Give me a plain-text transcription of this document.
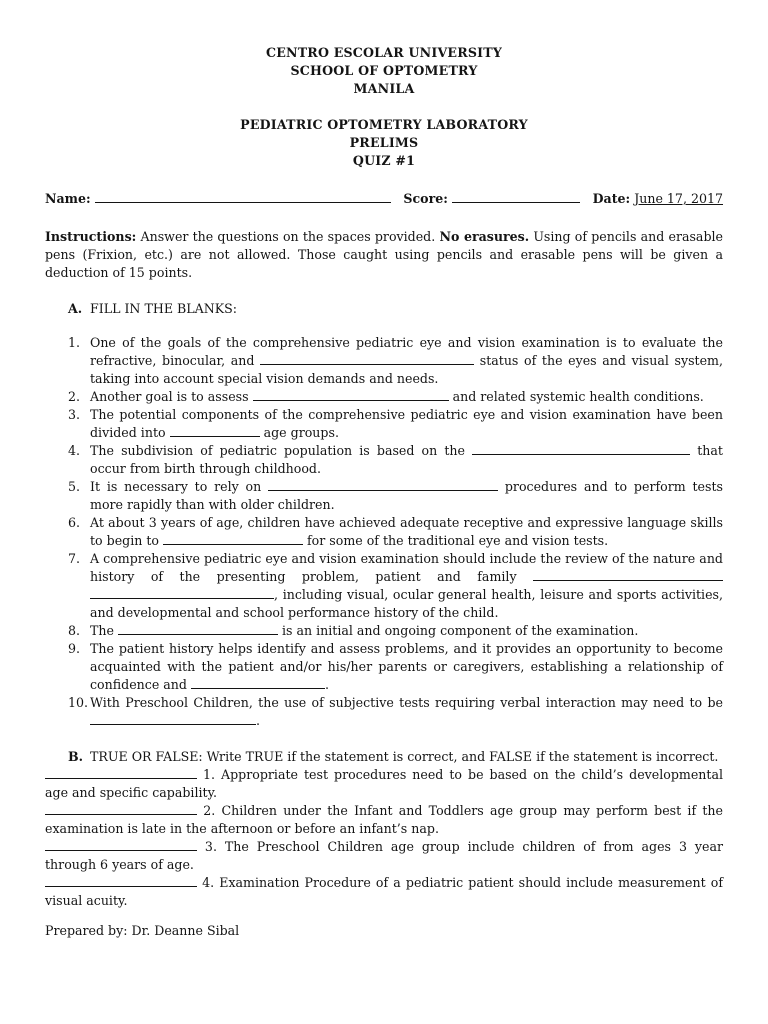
CENTRO ESCOLAR UNIVERSITY
SCHOOL OF OPTOMETRY
MANILA
PEDIATRIC OPTOMETRY LABORATORY
PRELIMS
QUIZ #1
Name:	Score:	Date: June 17, 2017
Instructions: Answer the questions on the spaces provided. No erasures. Using of pencils and erasable pens (Frixion, etc.) are not allowed. Those caught using pencils and erasable pens will be given a deduction of 15 points.
A. FILL IN THE BLANKS:
1. One of the goals of the comprehensive pediatric eye and vision examination is to evaluate the refractive, binocular, and	status of the eyes and visual system, taking into account special vision demands and needs.
2. Another goal is to assess	and related systemic health conditions.
3. The potential components of the comprehensive pediatric eye and vision examination have been divided into	age groups.
4. The subdivision of pediatric population is based on the	that occur from birth through childhood.
5. It is necessary to rely on	procedures and to perform tests more rapidly than with older children.
6. At about 3 years of age, children have achieved adequate receptive and expressive language skills to begin to	for some of the traditional eye and vision tests.
7. A comprehensive pediatric eye and vision examination should include the review of the nature and history of the presenting problem, patient and family  , including visual, ocular general health, leisure and sports activities, and developmental and school performance history of the child.
8. The	is an initial and ongoing component of the examination.
9. The patient history helps identify and assess problems, and it provides an opportunity to become acquainted with the patient and/or his/her parents or caregivers, establishing a relationship of confidence and	.
10. With Preschool Children, the use of subjective tests requiring verbal interaction may need to be .
B. TRUE OR FALSE: Write TRUE if the statement is correct, and FALSE if the statement is incorrect.
1. Appropriate test procedures need to be based on the child’s developmental age and specific capability.
2. Children under the Infant and Toddlers age group may perform best if the examination is late in the afternoon or before an infant’s nap.
3. The Preschool Children age group include children of from ages 3 year through 6 years of age.
4. Examination Procedure of a pediatric patient should include measurement of visual acuity.
Prepared by: Dr. Deanne Sibal
